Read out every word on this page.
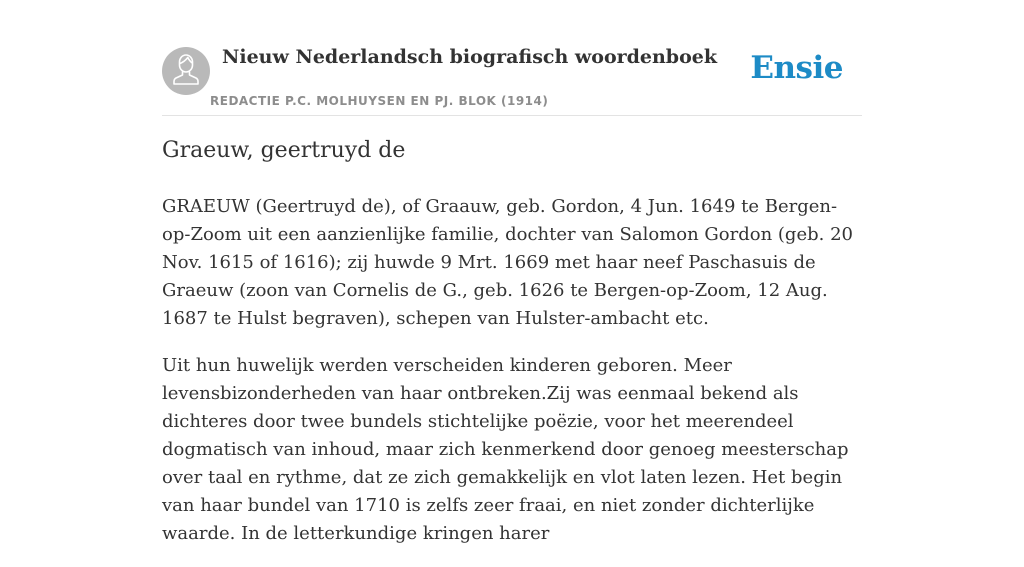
Nieuw Nederlandsch biografisch woordenboek
REDACTIE P.C. MOLHUYSEN EN PJ. BLOK (1914)
Ensie
Graeuw, geertruyd de

GRAEUW (Geertruyd de), of Graauw, geb. Gordon, 4 Jun. 1649 te Bergen-op-Zoom uit een aanzienlijke familie, dochter van Salomon Gordon (geb. 20 Nov. 1615 of 1616); zij huwde 9 Mrt. 1669 met haar neef Paschasuis de Graeuw (zoon van Cornelis de G., geb. 1626 te Bergen-op-Zoom, 12 Aug. 1687 te Hulst begraven), schepen van Hulster-ambacht etc.

Uit hun huwelijk werden verscheiden kinderen geboren. Meer levensbizonderheden van haar ontbreken.Zij was eenmaal bekend als dichteres door twee bundels stichtelijke poëzie, voor het meerendeel dogmatisch van inhoud, maar zich kenmerkend door genoeg meesterschap over taal en rythme, dat ze zich gemakkelijk en vlot laten lezen. Het begin van haar bundel van 1710 is zelfs zeer fraai, en niet zonder dichterlijke waarde. In de letterkundige kringen harer
